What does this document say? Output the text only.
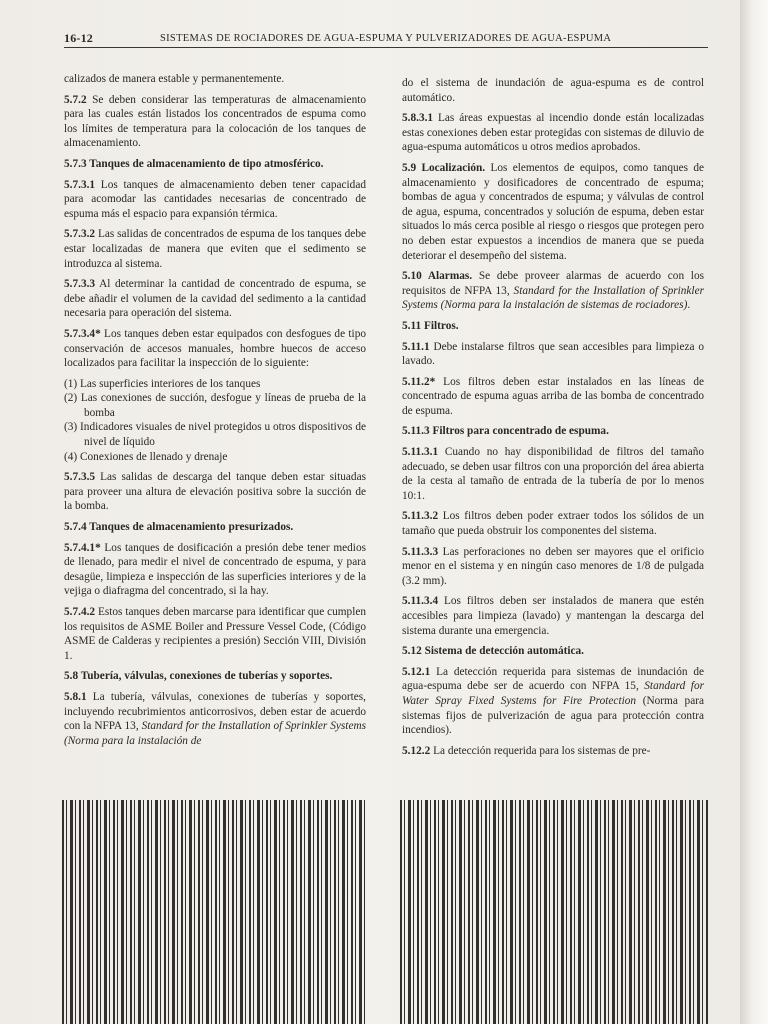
16-12	SISTEMAS DE ROCIADORES DE AGUA-ESPUMA Y PULVERIZADORES DE AGUA-ESPUMA

calizados de manera estable y permanentemente.

5.7.2 Se deben considerar las temperaturas de almacenamiento para las cuales están listados los concentrados de espuma como los límites de temperatura para la colocación de los tanques de almacenamiento.

5.7.3 Tanques de almacenamiento de tipo atmosférico.

5.7.3.1 Los tanques de almacenamiento deben tener capacidad para acomodar las cantidades necesarias de concentrado de espuma más el espacio para expansión térmica.

5.7.3.2 Las salidas de concentrados de espuma de los tanques debe estar localizadas de manera que eviten que el sedimento se introduzca al sistema.

5.7.3.3 Al determinar la cantidad de concentrado de espuma, se debe añadir el volumen de la cavidad del sedimento a la cantidad necesaria para operación del sistema.

5.7.3.4* Los tanques deben estar equipados con desfogues de tipo conservación de accesos manuales, hombre huecos de acceso localizados para facilitar la inspección de lo siguiente:

(1) Las superficies interiores de los tanques
(2) Las conexiones de succión, desfogue y líneas de prueba de la bomba
(3) Indicadores visuales de nivel protegidos u otros dispositivos de nivel de líquido
(4) Conexiones de llenado y drenaje

5.7.3.5 Las salidas de descarga del tanque deben estar situadas para proveer una altura de elevación positiva sobre la succión de la bomba.

5.7.4 Tanques de almacenamiento presurizados.

5.7.4.1* Los tanques de dosificación a presión debe tener medios de llenado, para medir el nivel de concentrado de espuma, y para desagüe, limpieza e inspección de las superficies interiores y de la vejiga o diafragma del concentrado, si la hay.

5.7.4.2 Estos tanques deben marcarse para identificar que cumplen los requisitos de ASME Boiler and Pressure Vessel Code, (Código ASME de Calderas y recipientes a presión) Sección VIII, División 1.

5.8 Tubería, válvulas, conexiones de tuberías y soportes.

5.8.1 La tubería, válvulas, conexiones de tuberías y soportes, incluyendo recubrimientos anticorrosivos, deben estar de acuerdo con la NFPA 13, Standard for the Installation of Sprinkler Systems (Norma para la instalación de

do el sistema de inundación de agua-espuma es de control automático.

5.8.3.1 Las áreas expuestas al incendio donde están localizadas estas conexiones deben estar protegidas con sistemas de diluvio de agua-espuma automáticos u otros medios aprobados.

5.9 Localización. Los elementos de equipos, como tanques de almacenamiento y dosificadores de concentrado de espuma; bombas de agua y concentrados de espuma; y válvulas de control de agua, espuma, concentrados y solución de espuma, deben estar situados lo más cerca posible al riesgo o riesgos que protegen pero no deben estar expuestos a incendios de manera que se pueda deteriorar el desempeño del sistema.

5.10 Alarmas. Se debe proveer alarmas de acuerdo con los requisitos de NFPA 13, Standard for the Installation of Sprinkler Systems (Norma para la instalación de sistemas de rociadores).

5.11 Filtros.

5.11.1 Debe instalarse filtros que sean accesibles para limpieza o lavado.

5.11.2* Los filtros deben estar instalados en las líneas de concentrado de espuma aguas arriba de las bomba de concentrado de espuma.

5.11.3 Filtros para concentrado de espuma.

5.11.3.1 Cuando no hay disponibilidad de filtros del tamaño adecuado, se deben usar filtros con una proporción del área abierta de la cesta al tamaño de entrada de la tubería de por lo menos 10:1.

5.11.3.2 Los filtros deben poder extraer todos los sólidos de un tamaño que pueda obstruir los componentes del sistema.

5.11.3.3 Las perforaciones no deben ser mayores que el orificio menor en el sistema y en ningún caso menores de 1/8 de pulgada (3.2 mm).

5.11.3.4 Los filtros deben ser instalados de manera que estén accesibles para limpieza (lavado) y mantengan la descarga del sistema durante una emergencia.

5.12 Sistema de detección automática.

5.12.1 La detección requerida para sistemas de inundación de agua-espuma debe ser de acuerdo con NFPA 15, Standard for Water Spray Fixed Systems for Fire Protection (Norma para sistemas fijos de pulverización de agua para protección contra incendios).

5.12.2 La detección requerida para los sistemas de pre-
